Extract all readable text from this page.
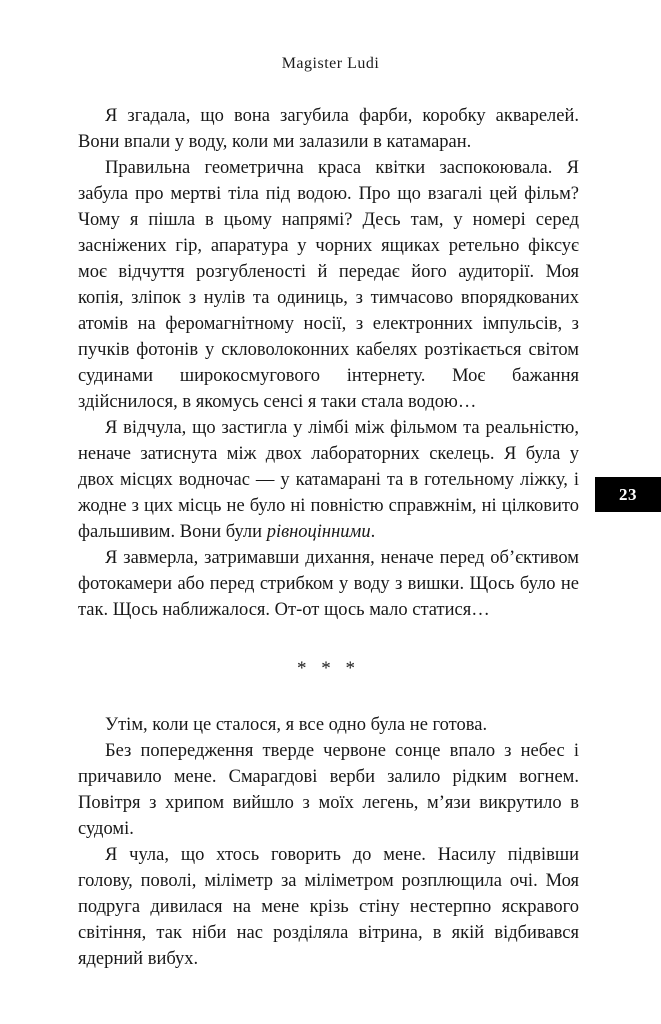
Magister Ludi

Я згадала, що вона загубила фарби, коробку акварелей. Вони впали у воду, коли ми залазили в катамаран.

Правильна геометрична краса квітки заспокоювала. Я забула про мертві тіла під водою. Про що взагалі цей фільм? Чому я пішла в цьому напрямі? Десь там, у номері серед засніжених гір, апаратура у чорних ящиках ретельно фіксує моє відчуття розгубленості й передає його аудиторії. Моя копія, зліпок з нулів та одиниць, з тимчасово впорядкованих атомів на феромагнітному носії, з електронних імпульсів, з пучків фотонів у скловолоконних кабелях розтікається світом судинами широкосмугового інтернету. Моє бажання здійснилося, в якомусь сенсі я таки стала водою…

Я відчула, що застигла у лімбі між фільмом та реальністю, неначе затиснута між двох лабораторних скелець. Я була у двох місцях водночас — у катамарані та в готельному ліжку, і жодне з цих місць не було ні повністю справжнім, ні цілковито фальшивим. Вони були рівноцінними.

Я завмерла, затримавши дихання, неначе перед об’єктивом фотокамери або перед стрибком у воду з вишки. Щось було не так. Щось наближалося. От-от щось мало статися…

* * *

Утім, коли це сталося, я все одно була не готова.

Без попередження тверде червоне сонце впало з небес і причавило мене. Смарагдові верби залило рідким вогнем. Повітря з хрипом вийшло з моїх легень, м’язи викрутило в судомі.

Я чула, що хтось говорить до мене. Насилу підвівши голову, поволі, міліметр за міліметром розплющила очі. Моя подруга дивилася на мене крізь стіну нестерпно яскравого світіння, так ніби нас розділяла вітрина, в якій відбивався ядерний вибух.

23
